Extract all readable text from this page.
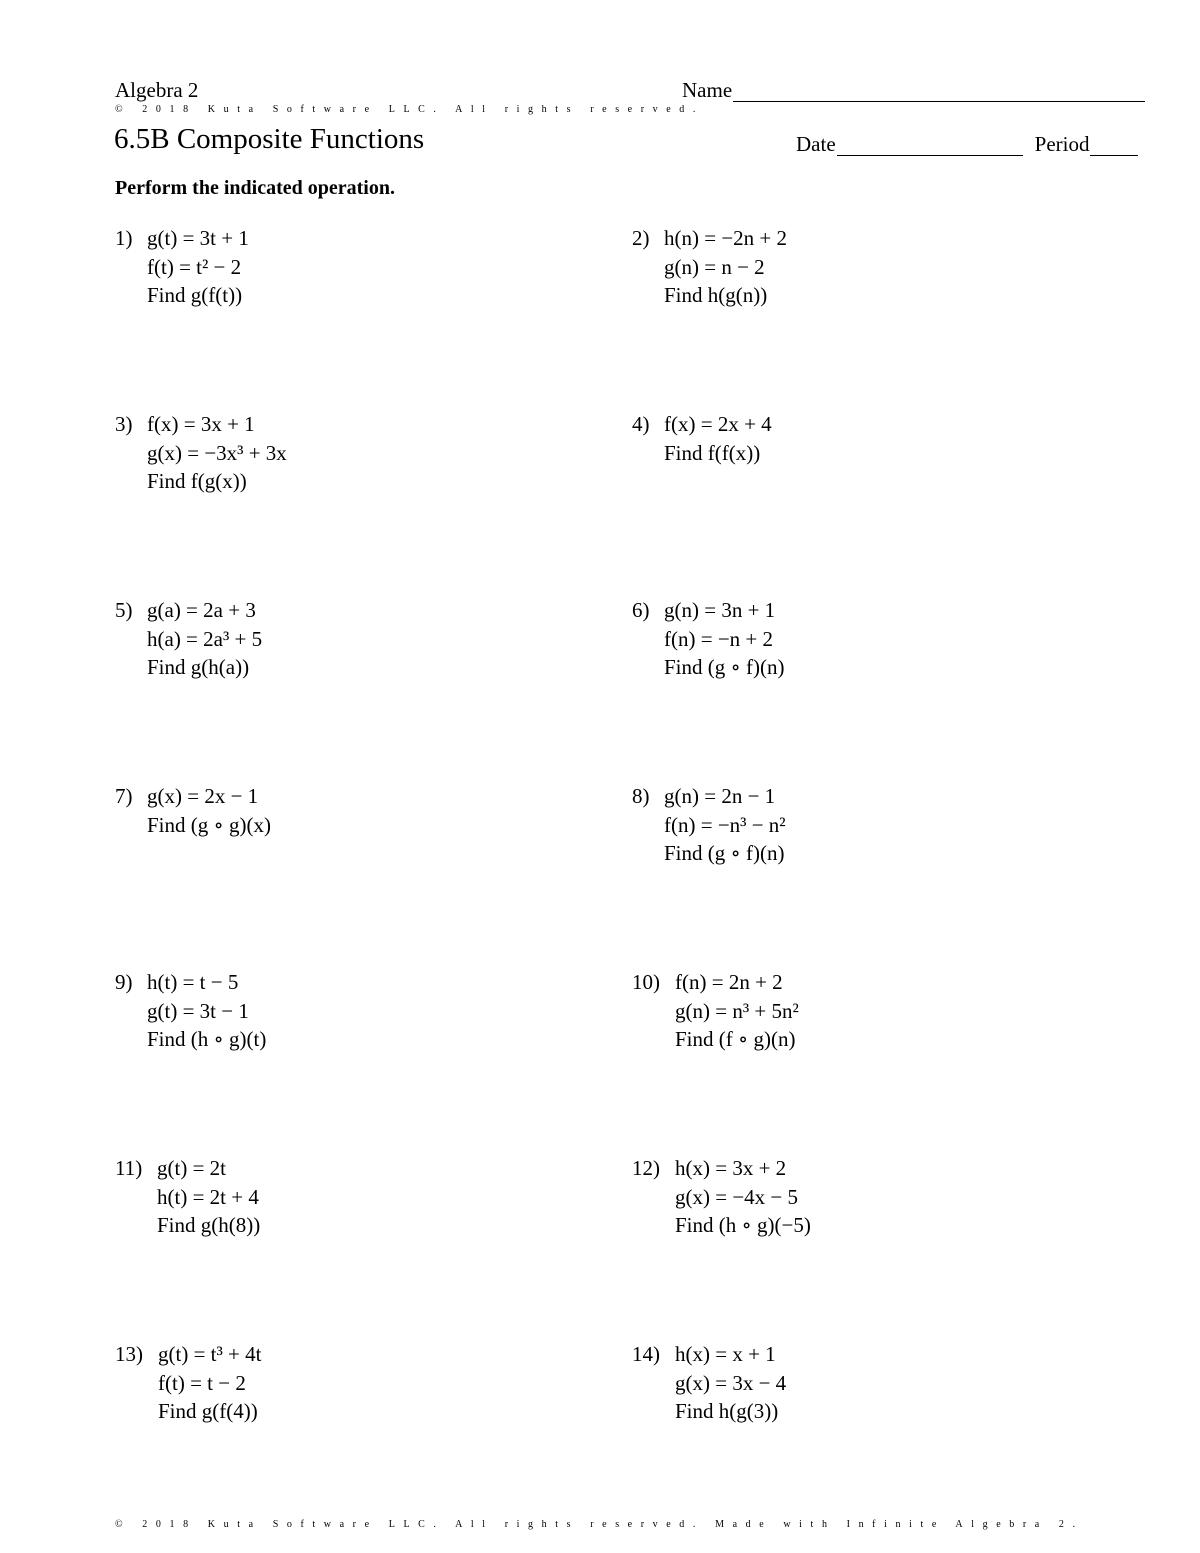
Algebra 2
© 2018 Kuta Software LLC. All rights reserved.
6.5B Composite Functions
Name
Date	Period
Perform the indicated operation.
1) g(t) = 3t + 1
f(t) = t² − 2
Find g(f(t))
2) h(n) = −2n + 2
g(n) = n − 2
Find h(g(n))
3) f(x) = 3x + 1
g(x) = −3x³ + 3x
Find f(g(x))
4) f(x) = 2x + 4
Find f(f(x))
5) g(a) = 2a + 3
h(a) = 2a³ + 5
Find g(h(a))
6) g(n) = 3n + 1
f(n) = −n + 2
Find (g ∘ f)(n)
7) g(x) = 2x − 1
Find (g ∘ g)(x)
8) g(n) = 2n − 1
f(n) = −n³ − n²
Find (g ∘ f)(n)
9) h(t) = t − 5
g(t) = 3t − 1
Find (h ∘ g)(t)
10) f(n) = 2n + 2
g(n) = n³ + 5n²
Find (f ∘ g)(n)
11) g(t) = 2t
h(t) = 2t + 4
Find g(h(8))
12) h(x) = 3x + 2
g(x) = −4x − 5
Find (h ∘ g)(−5)
13) g(t) = t³ + 4t
f(t) = t − 2
Find g(f(4))
14) h(x) = x + 1
g(x) = 3x − 4
Find h(g(3))
© 2018 Kuta Software LLC. All rights reserved. Made with Infinite Algebra 2.
